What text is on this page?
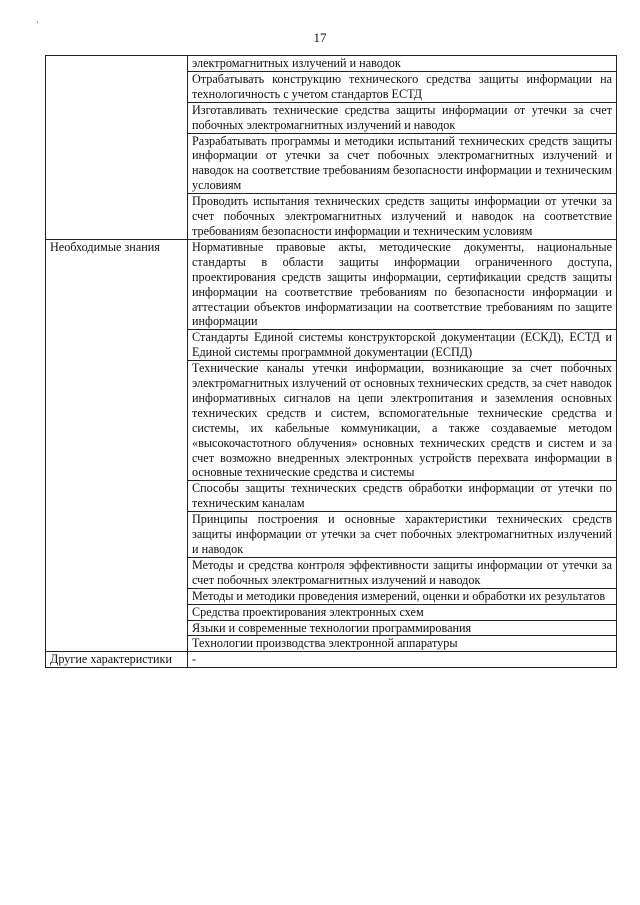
·
17
	электромагнитных излучений и наводок
	Отрабатывать конструкцию технического средства защиты информации на технологичность с учетом стандартов ЕСТД
	Изготавливать технические средства защиты информации от утечки за счет побочных электромагнитных излучений и наводок
	Разрабатывать программы и методики испытаний технических средств защиты информации от утечки за счет побочных электромагнитных излучений и наводок на соответствие требованиям безопасности информации и техническим условиям
	Проводить испытания технических средств защиты информации от утечки за счет побочных электромагнитных излучений и наводок на соответствие требованиям безопасности информации и техническим условиям
Необходимые знания	Нормативные правовые акты, методические документы, национальные стандарты в области защиты информации ограниченного доступа, проектирования средств защиты информации, сертификации средств защиты информации на соответствие требованиям по безопасности информации и аттестации объектов информатизации на соответствие требованиям по защите информации
	Стандарты Единой системы конструкторской документации (ЕСКД), ЕСТД и Единой системы программной документации (ЕСПД)
	Технические каналы утечки информации, возникающие за счет побочных электромагнитных излучений от основных технических средств, за счет наводок информативных сигналов на цепи электропитания и заземления основных технических средств и систем, вспомогательные технические средства и системы, их кабельные коммуникации, а также создаваемые методом «высокочастотного облучения» основных технических средств и систем и за счет возможно внедренных электронных устройств перехвата информации в основные технические средства и системы
	Способы защиты технических средств обработки информации от утечки по техническим каналам
	Принципы построения и основные характеристики технических средств защиты информации от утечки за счет побочных электромагнитных излучений и наводок
	Методы и средства контроля эффективности защиты информации от утечки за счет побочных электромагнитных излучений и наводок
	Методы и методики проведения измерений, оценки и обработки их результатов
	Средства проектирования электронных схем
	Языки и современные технологии программирования
	Технологии производства электронной аппаратуры
Другие характеристики	-
